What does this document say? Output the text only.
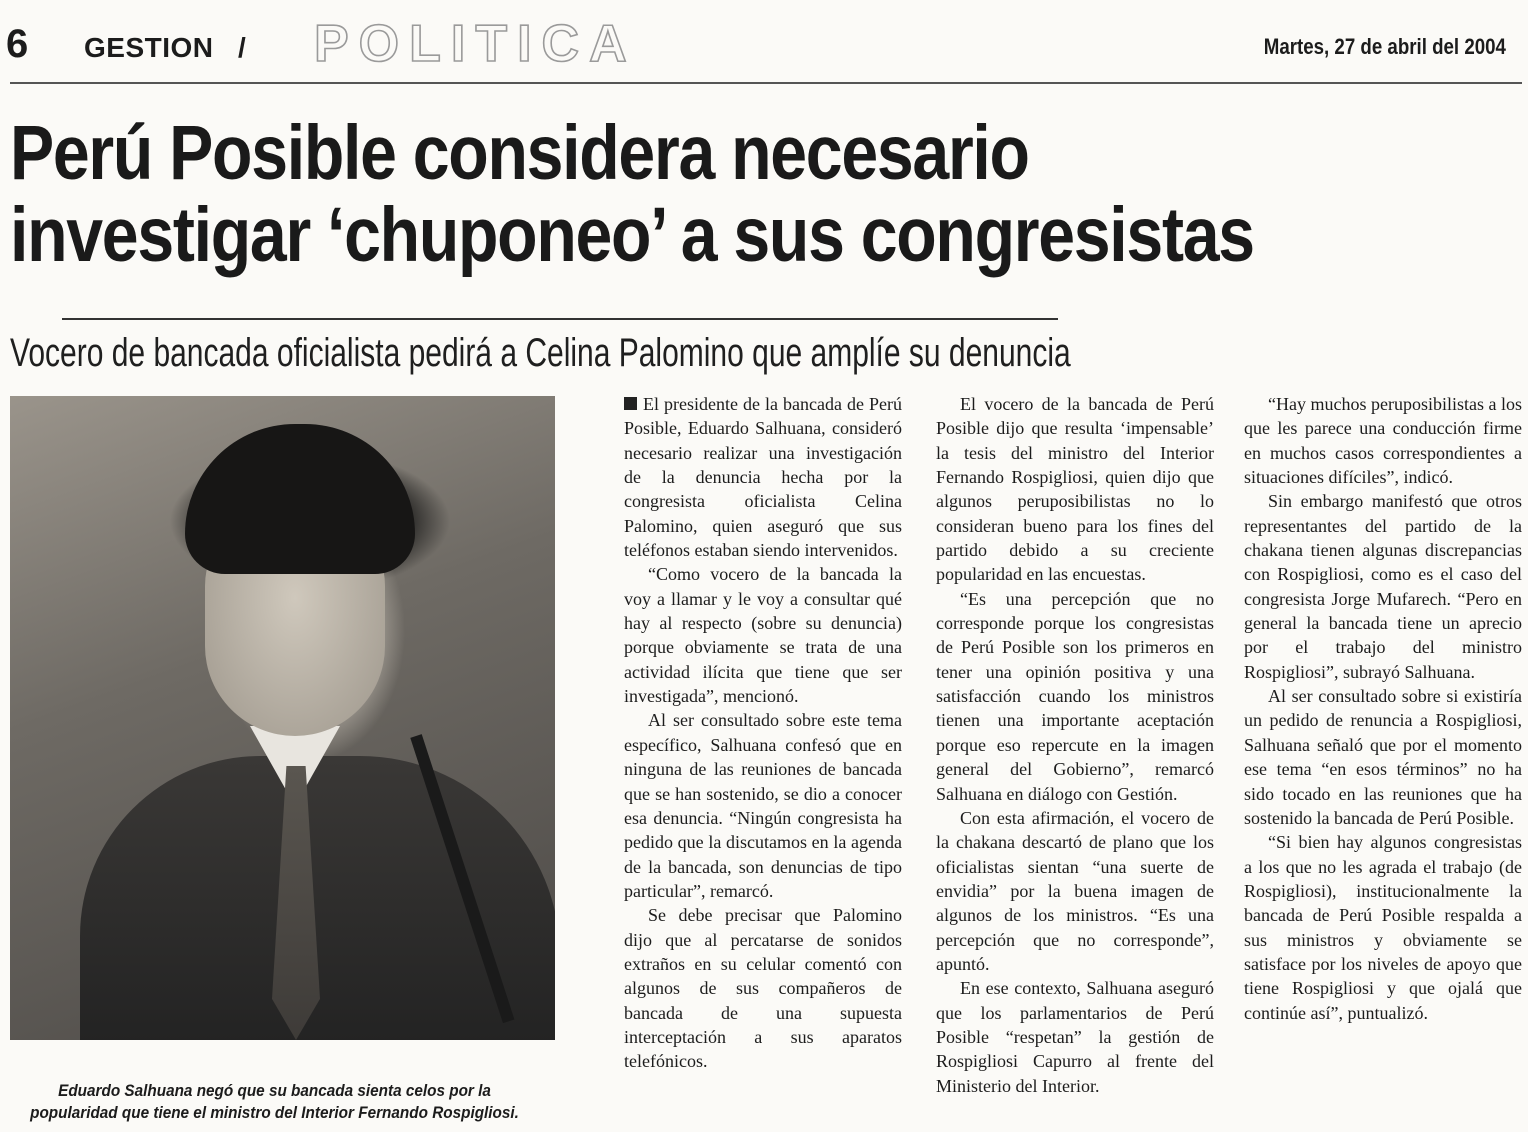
6 GESTION / POLITICA	Martes, 27 de abril del 2004
Perú Posible considera necesario
investigar ‘chuponeo’ a sus congresistas
Vocero de bancada oficialista pedirá a Celina Palomino que amplíe su denuncia

Eduardo Salhuana negó que su bancada sienta celos por la popularidad que tiene el ministro del Interior Fernando Rospigliosi.

El presidente de la bancada de Perú Posible, Eduardo Salhuana, consideró necesario realizar una investigación de la denuncia hecha por la congresista oficialista Celina Palomino, quien aseguró que sus teléfonos estaban siendo intervenidos.

“Como vocero de la bancada la voy a llamar y le voy a consultar qué hay al respecto (sobre su denuncia) porque obviamente se trata de una actividad ilícita que tiene que ser investigada”, mencionó.

Al ser consultado sobre este tema específico, Salhuana confesó que en ninguna de las reuniones de bancada que se han sostenido, se dio a conocer esa denuncia. “Ningún congresista ha pedido que la discutamos en la agenda de la bancada, son denuncias de tipo particular”, remarcó.

Se debe precisar que Palomino dijo que al percatarse de sonidos extraños en su celular comentó con algunos de sus compañeros de bancada de una supuesta interceptación a sus aparatos telefónicos.

El vocero de la bancada de Perú Posible dijo que resulta ‘impensable’ la tesis del ministro del Interior Fernando Rospigliosi, quien dijo que algunos peruposibilistas no lo consideran bueno para los fines del partido debido a su creciente popularidad en las encuestas.

“Es una percepción que no corresponde porque los congresistas de Perú Posible son los primeros en tener una opinión positiva y una satisfacción cuando los ministros tienen una importante aceptación porque eso repercute en la imagen general del Gobierno”, remarcó Salhuana en diálogo con Gestión.

Con esta afirmación, el vocero de la chakana descartó de plano que los oficialistas sientan “una suerte de envidia” por la buena imagen de algunos de los ministros. “Es una percepción que no corresponde”, apuntó.

En ese contexto, Salhuana aseguró que los parlamentarios de Perú Posible “respetan” la gestión de Rospigliosi Capurro al frente del Ministerio del Interior.

“Hay muchos peruposibilistas a los que les parece una conducción firme en muchos casos correspondientes a situaciones difíciles”, indicó.

Sin embargo manifestó que otros representantes del partido de la chakana tienen algunas discrepancias con Rospigliosi, como es el caso del congresista Jorge Mufarech. “Pero en general la bancada tiene un aprecio por el trabajo del ministro Rospigliosi”, subrayó Salhuana.

Al ser consultado sobre si existiría un pedido de renuncia a Rospigliosi, Salhuana señaló que por el momento ese tema “en esos términos” no ha sido tocado en las reuniones que ha sostenido la bancada de Perú Posible.

“Si bien hay algunos congresistas a los que no les agrada el trabajo (de Rospigliosi), institucionalmente la bancada de Perú Posible respalda a sus ministros y obviamente se satisface por los niveles de apoyo que tiene Rospigliosi y que ojalá que continúe así”, puntualizó.
